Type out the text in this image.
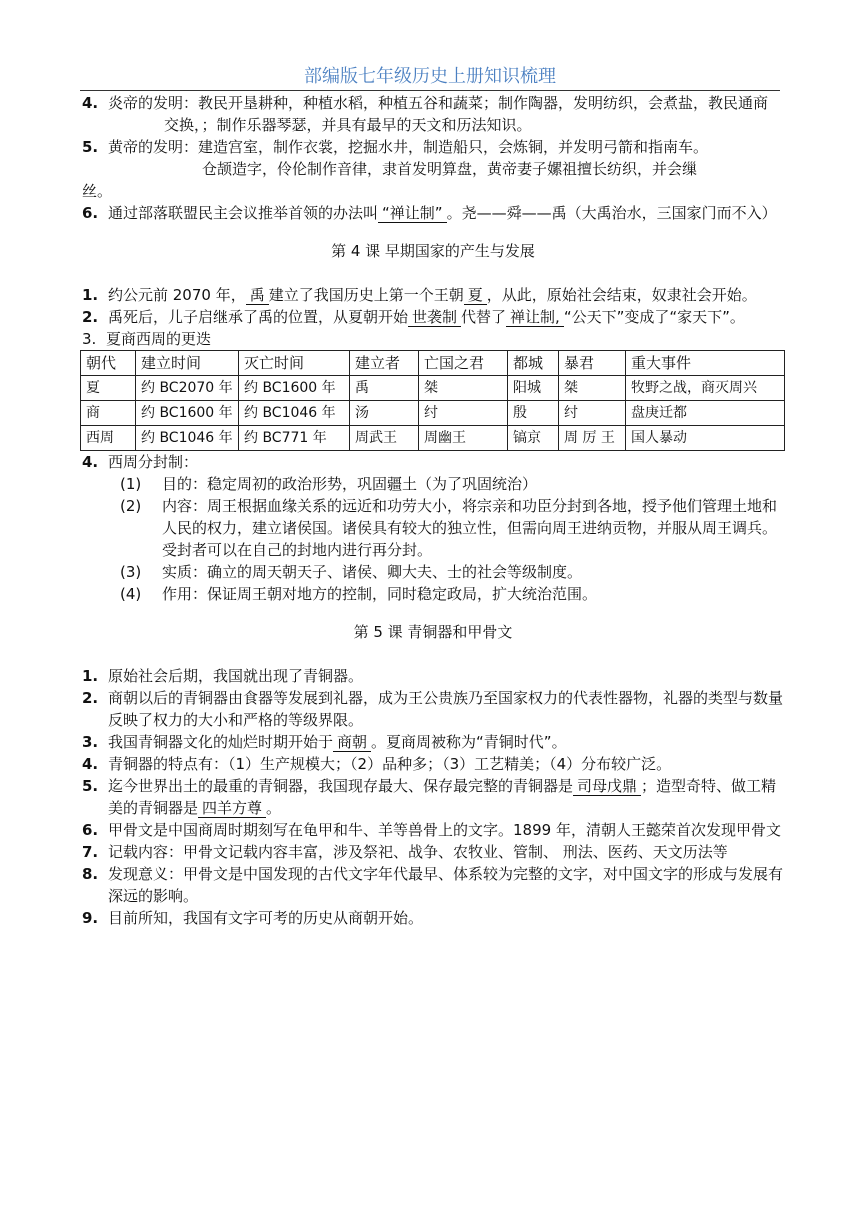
部编版七年级历史上册知识梳理

4. 炎帝的发明：教民开垦耕种，种植水稻，种植五谷和蔬菜；制作陶器，发明纺织，会煮盐，教民通商交换，；制作乐器琴瑟，并具有最早的天文和历法知识。

5. 黄帝的发明：建造宫室，制作衣裳，挖掘水井，制造船只，会炼铜，并发明弓箭和指南车。
仓颉造字，伶伦制作音律，隶首发明算盘，黄帝妻子嫘祖擅长纺织，并会缫

丝。

6. 通过部落联盟民主会议推举首领的办法叫 “禅让制” 。尧——舜——禹（大禹治水，三国家门而不入）

第 4 课 早期国家的产生与发展

1. 约公元前 2070 年， 禹 建立了我国历史上第一个王朝 夏 ，从此，原始社会结束，奴隶社会开始。

2. 禹死后，儿子启继承了禹的位置，从夏朝开始 世袭制 代替了 禅让制, “公天下”变成了“家天下”。

3. 夏商西周的更迭

朝代	建立时间	灭亡时间	建立者	亡国之君	都城	暴君	重大事件
夏	约 BC2070 年	约 BC1600 年	禹	桀	阳城	桀	牧野之战，商灭周兴
商	约 BC1600 年	约 BC1046 年	汤	纣	殷	纣	盘庚迁都
西周	约 BC1046 年	约 BC771 年	周武王	周幽王	镐京	周 厉 王	国人暴动

4. 西周分封制：

(1) 目的：稳定周初的政治形势，巩固疆土（为了巩固统治）

(2) 内容：周王根据血缘关系的远近和功劳大小，将宗亲和功臣分封到各地，授予他们管理土地和人民的权力，建立诸侯国。诸侯具有较大的独立性，但需向周王进纳贡物，并服从周王调兵。受封者可以在自己的封地内进行再分封。

(3) 实质：确立的周天朝天子、诸侯、卿大夫、士的社会等级制度。

(4) 作用：保证周王朝对地方的控制，同时稳定政局，扩大统治范围。

第 5 课 青铜器和甲骨文

1. 原始社会后期，我国就出现了青铜器。

2. 商朝以后的青铜器由食器等发展到礼器，成为王公贵族乃至国家权力的代表性器物，礼器的类型与数量反映了权力的大小和严格的等级界限。

3. 我国青铜器文化的灿烂时期开始于 商朝 。夏商周被称为“青铜时代”。

4. 青铜器的特点有：（1）生产规模大；（2）品种多；（3）工艺精美；（4）分布较广泛。

5. 迄今世界出土的最重的青铜器，我国现存最大、保存最完整的青铜器是 司母戊鼎 ；造型奇特、做工精美的青铜器是 四羊方尊 。

6. 甲骨文是中国商周时期刻写在龟甲和牛、羊等兽骨上的文字。1899 年，清朝人王懿荣首次发现甲骨文

7. 记载内容：甲骨文记载内容丰富，涉及祭祀、战争、农牧业、管制、 刑法、医药、天文历法等

8. 发现意义：甲骨文是中国发现的古代文字年代最早、体系较为完整的文字，对中国文字的形成与发展有深远的影响。

9. 目前所知，我国有文字可考的历史从商朝开始。
